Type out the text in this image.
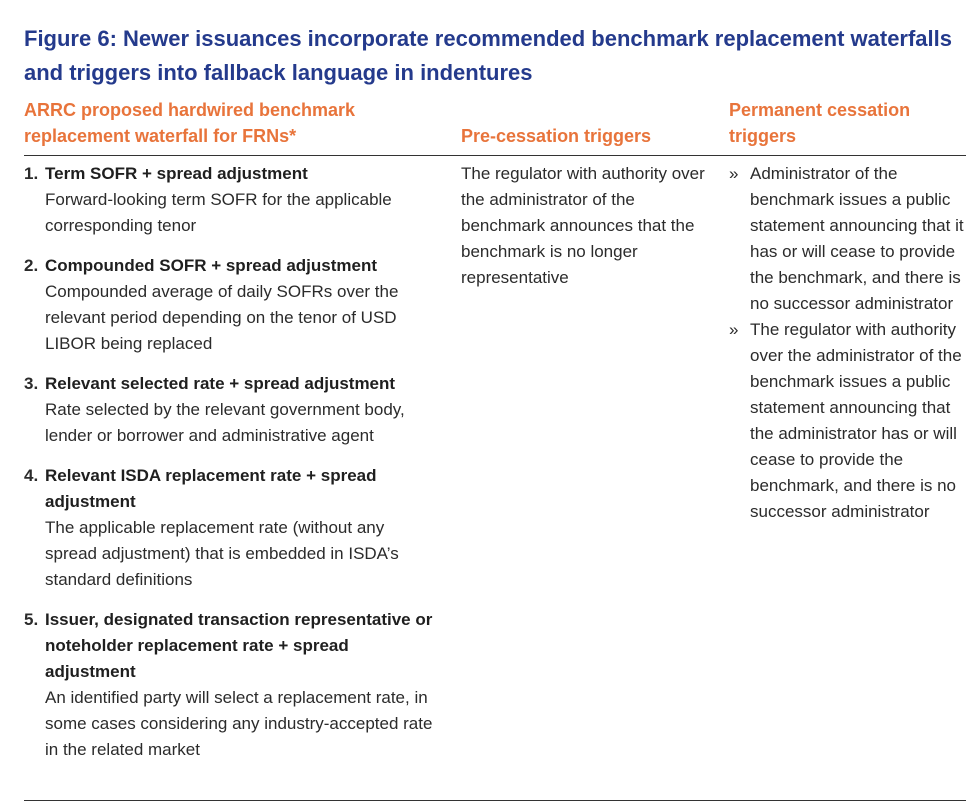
Figure 6: Newer issuances incorporate recommended benchmark replacement waterfalls and triggers into fallback language in indentures
ARRC proposed hardwired benchmark replacement waterfall for FRNs*	Pre-cessation triggers
Permanent cessation triggers
1. Term SOFR + spread adjustment
Forward-looking term SOFR for the applicable corresponding tenor
2. Compounded SOFR + spread adjustment
Compounded average of daily SOFRs over the relevant period depending on the tenor of USD LIBOR being replaced
3. Relevant selected rate + spread adjustment
Rate selected by the relevant government body, lender or borrower and administrative agent
4. Relevant ISDA replacement rate + spread adjustment
The applicable replacement rate (without any spread adjustment) that is embedded in ISDA’s standard definitions
5. Issuer, designated transaction representative or noteholder replacement rate + spread adjustment
An identified party will select a replacement rate, in some cases considering any industry-accepted rate in the related market
The regulator with authority over the administrator of the benchmark announces that the benchmark is no longer representative
» Administrator of the benchmark issues a public statement announcing that it has or will cease to provide the benchmark, and there is no successor administrator
» The regulator with authority over the administrator of the benchmark issues a public statement announcing that the administrator has or will cease to provide the benchmark, and there is no successor administrator
